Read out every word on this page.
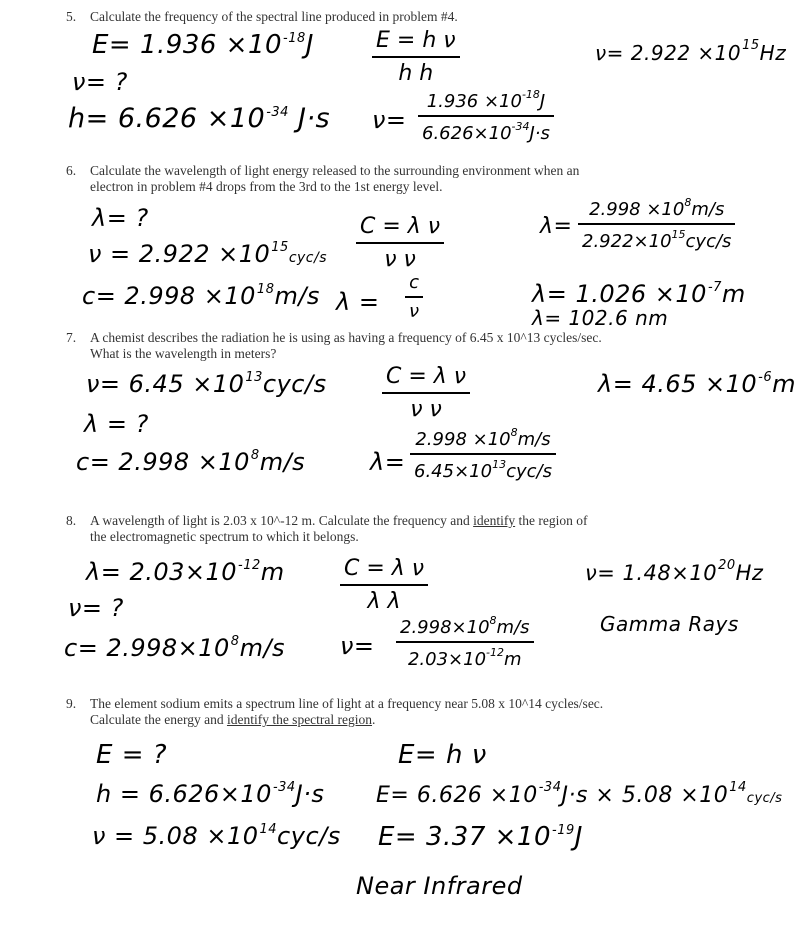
5. Calculate the frequency of the spectral line produced in problem #4.
$E= 1.936 \times 10^{-18}J$
ν= ?
$h= 6.626 \times 10^{-34}$ J·s
$\frac{\text{E = h ν}}{\text{h h}}$
$\nu= \frac{1.936 \times 10^{-18}J}{6.626\times 10^{-34}J\cdot s}$
$\nu= 2.922 \times 10^{15}Hz$
6. Calculate the wavelength of light energy released to the surrounding environment when an
electron in problem #4 drops from the 3rd to the 1st energy level.
λ= ?
$\nu = 2.922 \times 10^{15}cyc/s$
$c= 2.998 \times 10^{18}m/s$
$\frac{\text{C = λ ν}}{\text{ν ν}}$
$\lambda = \frac{c}{\nu}$
λ=
$2.998 \times 10^8m/s$
$2.922\times 10^{15}cyc/s$
$\lambda= 1.026 \times 10^{-7}m$
λ= 102.6 nm
7. A chemist describes the radiation he is using as having a frequency of 6.45 x 10^13 cycles/sec.
What is the wavelength in meters?
$\nu= 6.45 \times 10^{13}cyc/s$
λ = ?
$c= 2.998 \times 10^8m/s$
$\frac{\text{C = λ ν}}{\text{ν ν}}$
λ=
$2.998 \times 10^8m/s$
$6.45\times 10^{13}cyc/s$
$\lambda= 4.65 \times 10^{-6}m$
8. A wavelength of light is 2.03 x 10^-12 m. Calculate the frequency and identify the region of
the electromagnetic spectrum to which it belongs.
$\lambda= 2.03\times 10^{-12}m$
ν= ?
$c= 2.998\times 10^8m/s$
$\frac{\text{C = λ ν}}{\text{λ λ}}$
$\nu= \frac{2.998\times 10^8m/s}{2.03\times 10^{-12}m}$
$\nu= 1.48\times 10^{20}Hz$
Gamma Rays
9. The element sodium emits a spectrum line of light at a frequency near 5.08 x 10^14 cycles/sec.
Calculate the energy and identify the spectral region.
E = ?
$h = 6.626\times 10^{-34}J\cdot s$
$\nu = 5.08 \times 10^{14}cyc/s$
E= h ν
$E= 6.626 \times 10^{-34}J\cdot s \times 5.08 \times 10^{14}cyc/s$
$E= 3.37 \times 10^{-19}J$
Near Infrared
